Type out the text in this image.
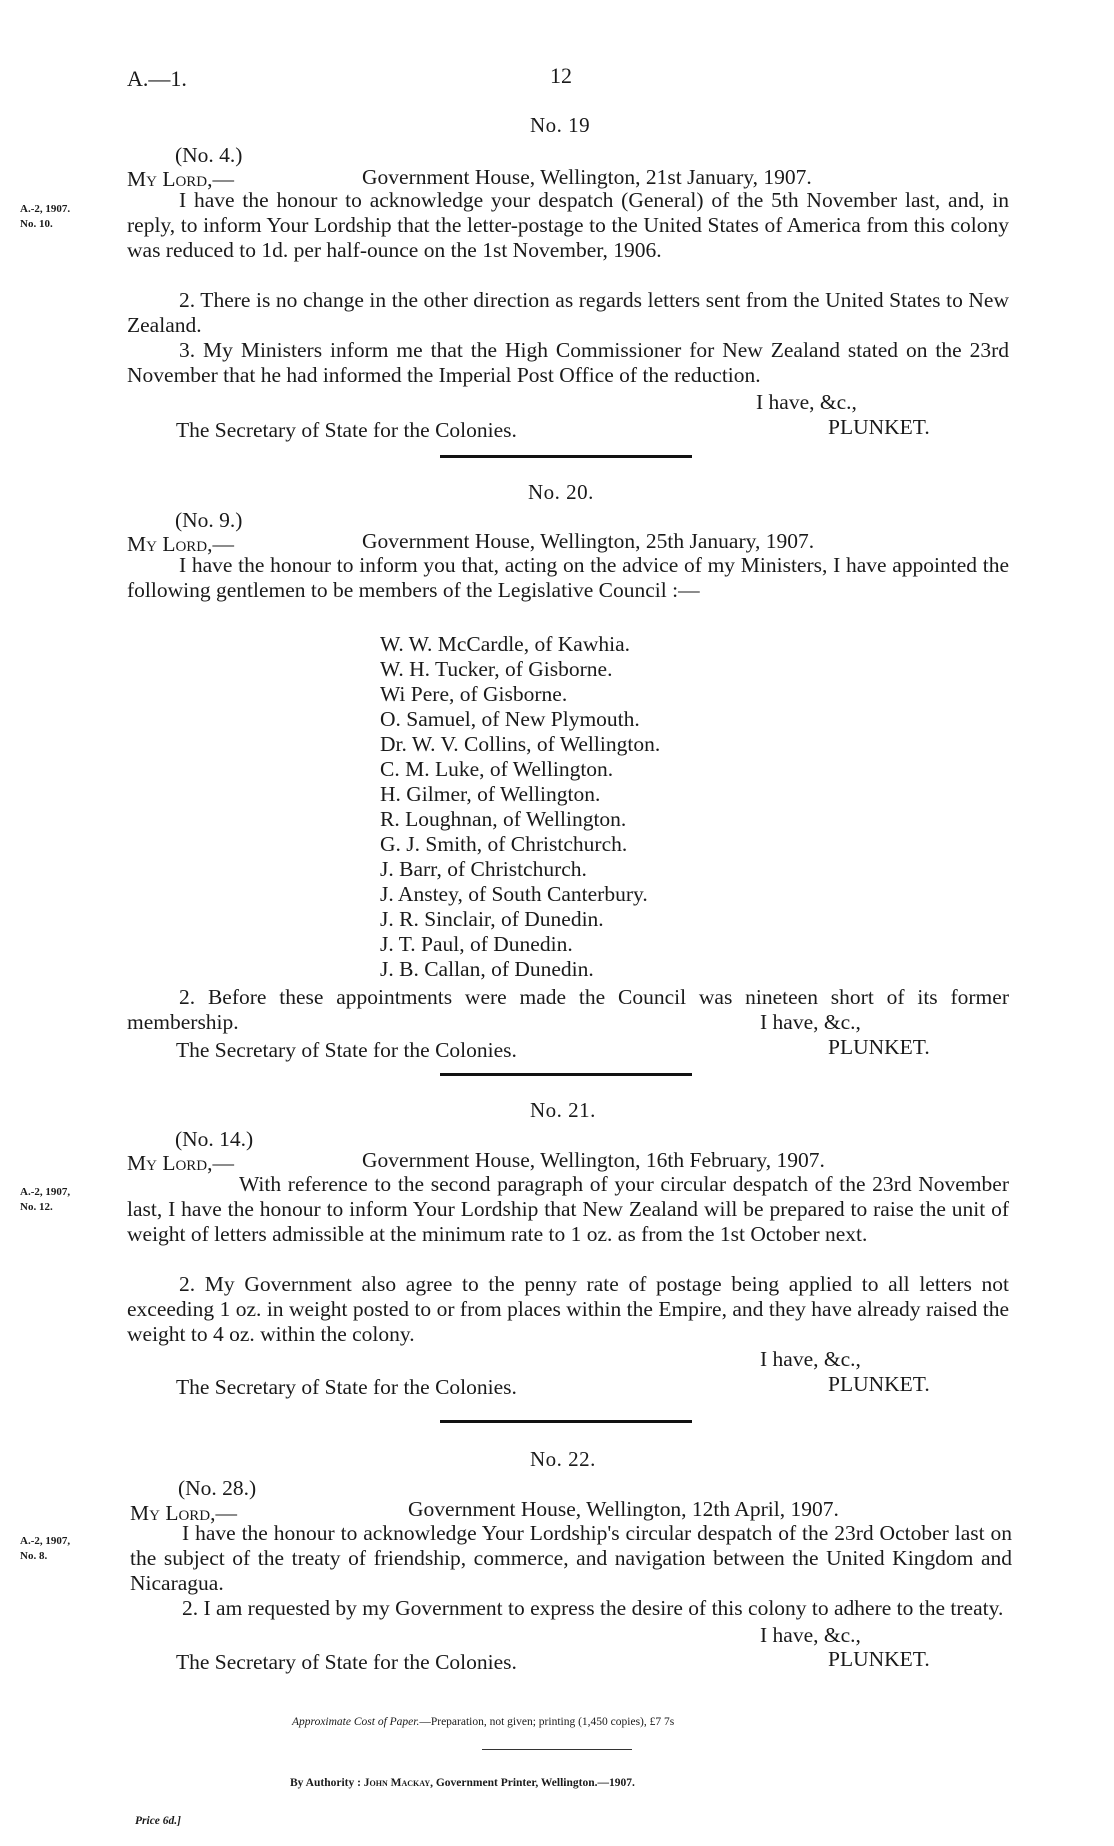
A.—1.	12
No. 19
(No. 4.)
My Lord,—	Government House, Wellington, 21st January, 1907.
A.-2, 1907.
No. 10.
I have the honour to acknowledge your despatch (General) of the 5th November last, and, in reply, to inform Your Lordship that the letter-postage to the United States of America from this colony was reduced to 1d. per half-ounce on the 1st November, 1906.
2. There is no change in the other direction as regards letters sent from the United States to New Zealand.
3. My Ministers inform me that the High Commissioner for New Zealand stated on the 23rd November that he had informed the Imperial Post Office of the reduction.
I have, &c.,
The Secretary of State for the Colonies.	PLUNKET.
No. 20.
(No. 9.)
My Lord,—	Government House, Wellington, 25th January, 1907.
I have the honour to inform you that, acting on the advice of my Ministers, I have appointed the following gentlemen to be members of the Legislative Council :—
W. W. McCardle, of Kawhia.
W. H. Tucker, of Gisborne.
Wi Pere, of Gisborne.
O. Samuel, of New Plymouth.
Dr. W. V. Collins, of Wellington.
C. M. Luke, of Wellington.
H. Gilmer, of Wellington.
R. Loughnan, of Wellington.
G. J. Smith, of Christchurch.
J. Barr, of Christchurch.
J. Anstey, of South Canterbury.
J. R. Sinclair, of Dunedin.
J. T. Paul, of Dunedin.
J. B. Callan, of Dunedin.
2. Before these appointments were made the Council was nineteen short of its former membership.	I have, &c.,
The Secretary of State for the Colonies.	PLUNKET.
No. 21.
(No. 14.)
My Lord,—	Government House, Wellington, 16th February, 1907.
A.-2, 1907,
No. 12.
With reference to the second paragraph of your circular despatch of the 23rd November last, I have the honour to inform Your Lordship that New Zealand will be prepared to raise the unit of weight of letters admissible at the minimum rate to 1 oz. as from the 1st October next.
2. My Government also agree to the penny rate of postage being applied to all letters not exceeding 1 oz. in weight posted to or from places within the Empire, and they have already raised the weight to 4 oz. within the colony.
I have, &c.,
The Secretary of State for the Colonies.	PLUNKET.
No. 22.
(No. 28.)
My Lord,—	Government House, Wellington, 12th April, 1907.
A.-2, 1907,
No. 8.
I have the honour to acknowledge Your Lordship's circular despatch of the 23rd October last on the subject of the treaty of friendship, commerce, and navigation between the United Kingdom and Nicaragua.
2. I am requested by my Government to express the desire of this colony to adhere to the treaty.
I have, &c.,
The Secretary of State for the Colonies.	PLUNKET.
Approximate Cost of Paper.—Preparation, not given; printing (1,450 copies), £7 7s
By Authority : John Mackay, Government Printer, Wellington.—1907.
Price 6d.]
